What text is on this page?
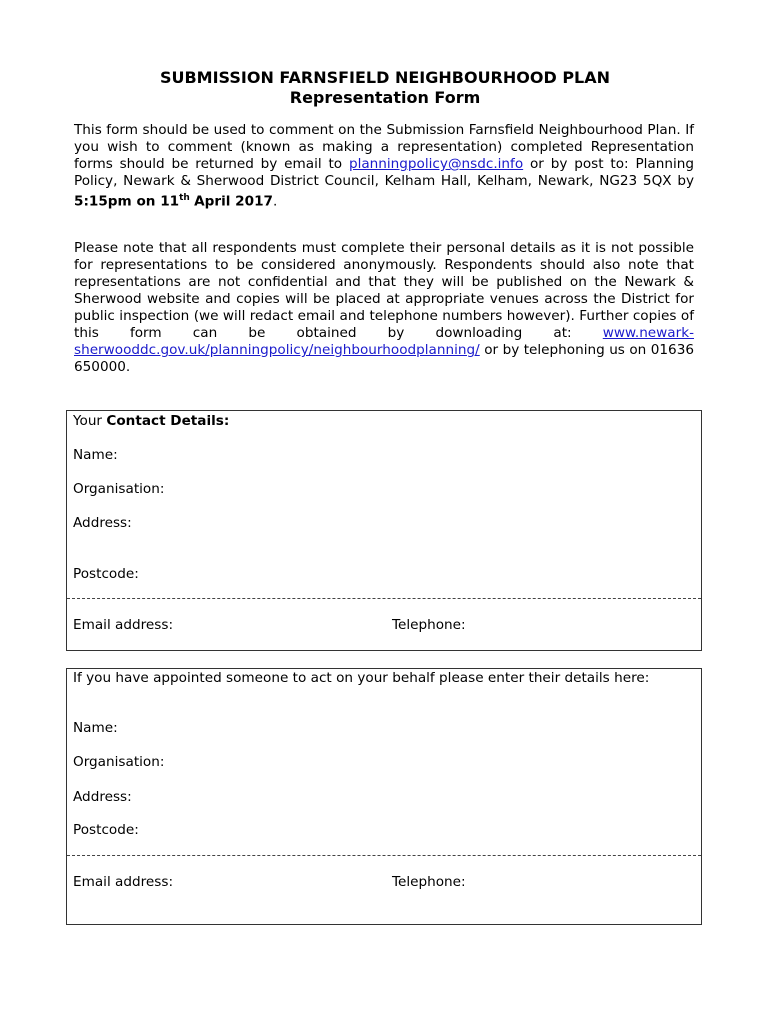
SUBMISSION FARNSFIELD NEIGHBOURHOOD PLAN
Representation Form
This form should be used to comment on the Submission Farnsfield Neighbourhood Plan. If you wish to comment (known as making a representation) completed Representation forms should be returned by email to planningpolicy@nsdc.info or by post to: Planning Policy, Newark & Sherwood District Council, Kelham Hall, Kelham, Newark, NG23 5QX by 5:15pm on 11th April 2017.
Please note that all respondents must complete their personal details as it is not possible for representations to be considered anonymously. Respondents should also note that representations are not confidential and that they will be published on the Newark & Sherwood website and copies will be placed at appropriate venues across the District for public inspection (we will redact email and telephone numbers however). Further copies of this form can be obtained by downloading at: www.newark-sherwooddc.gov.uk/planningpolicy/neighbourhoodplanning/ or by telephoning us on 01636 650000.
Your Contact Details:
Name:
Organisation:
Address:
Postcode:
Email address:	Telephone:
If you have appointed someone to act on your behalf please enter their details here:
Name:
Organisation:
Address:
Postcode:
Email address:	Telephone:
